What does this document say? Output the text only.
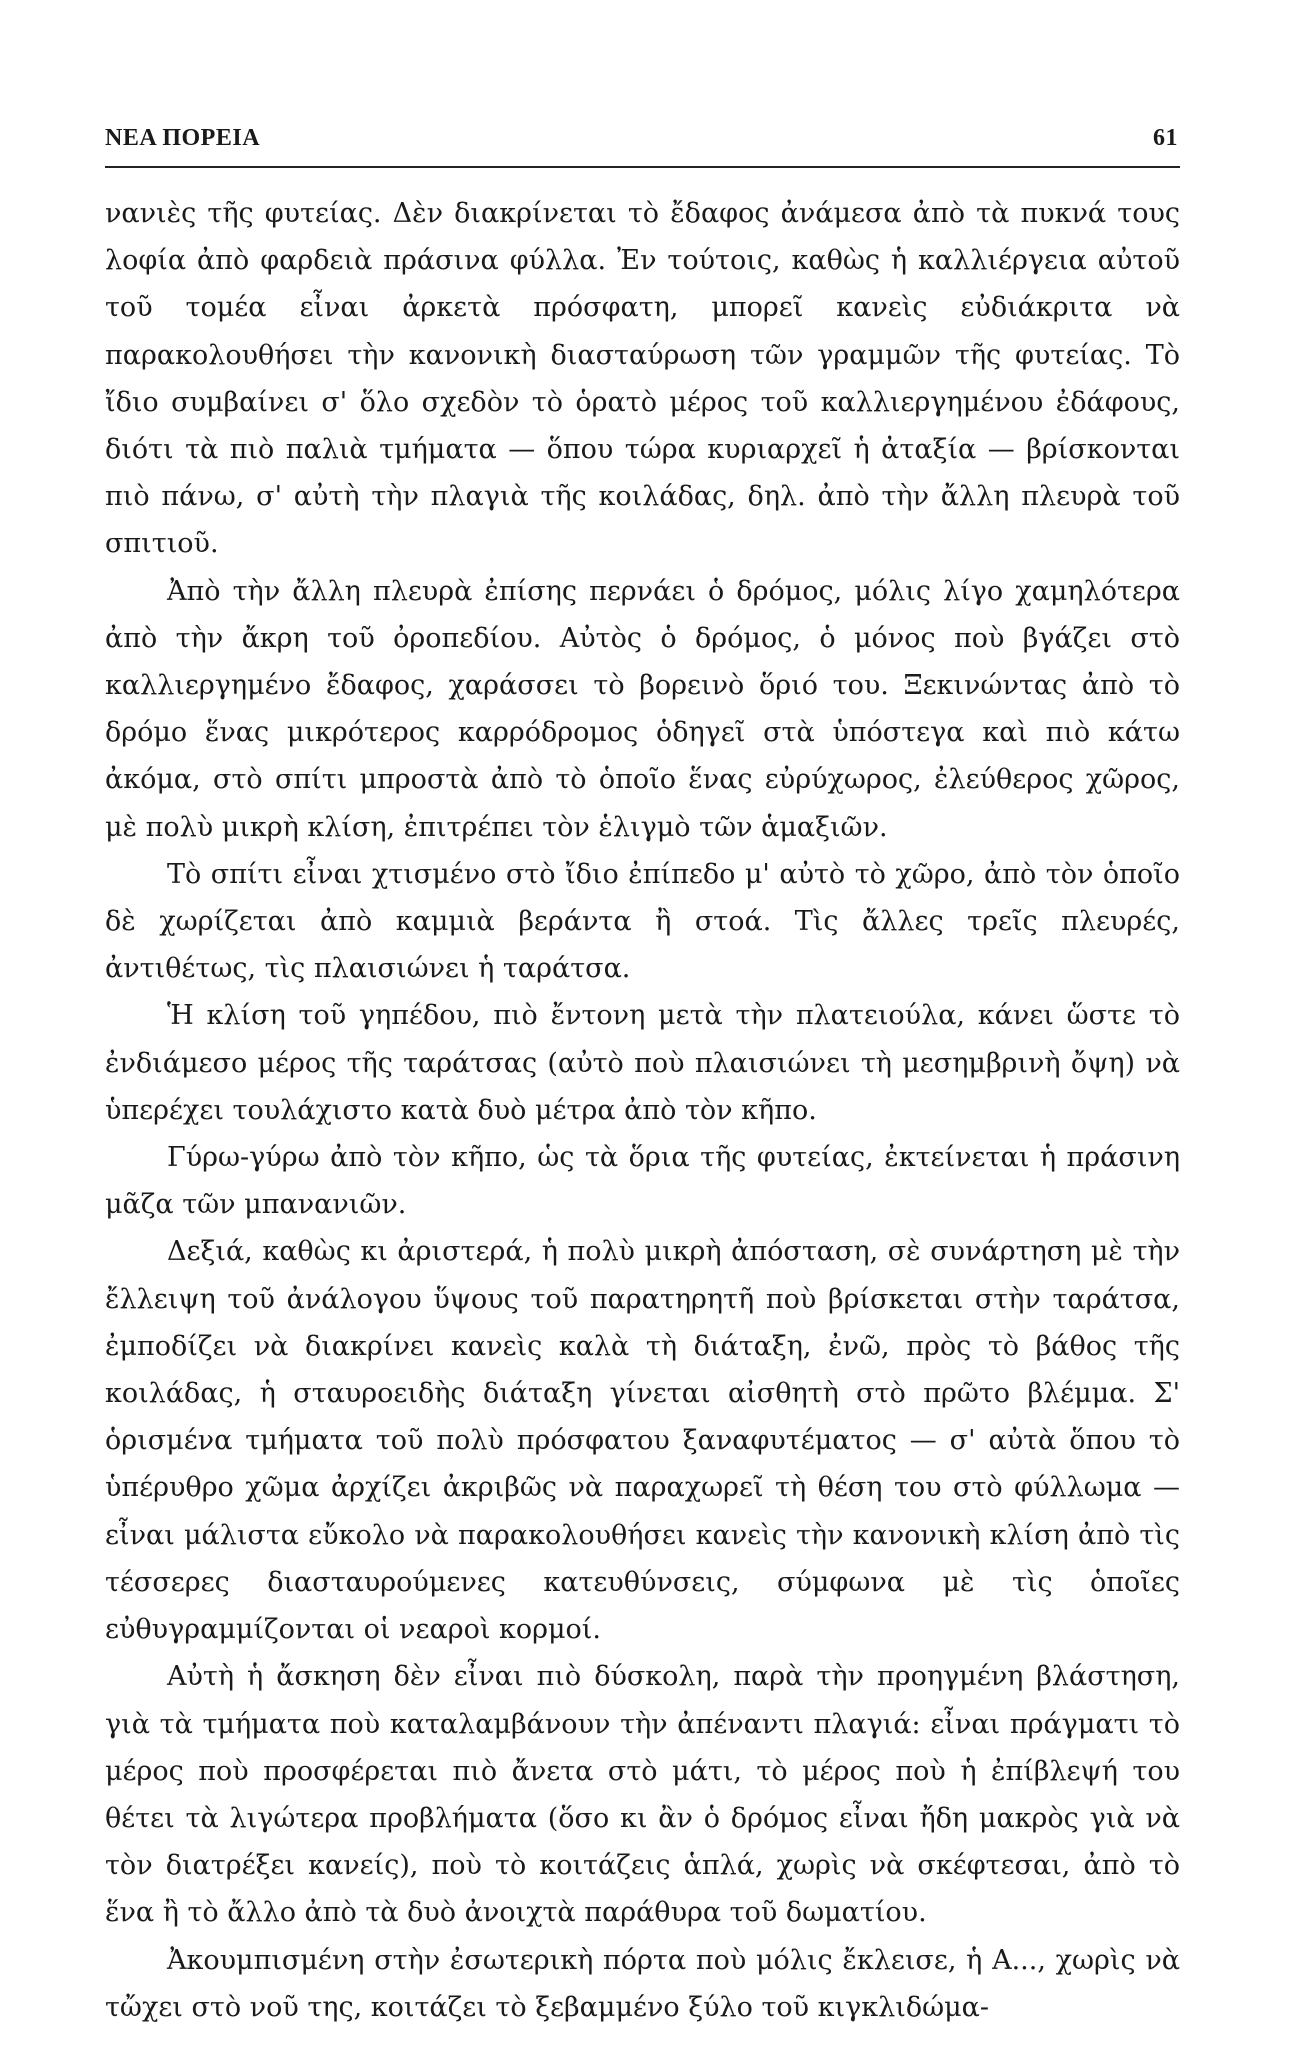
ΝΕΑ ΠΟΡΕΙΑ	61

νανιὲς τῆς φυτείας. Δὲν διακρίνεται τὸ ἔδαφος ἀνάμεσα ἀπὸ τὰ πυκνά τους λοφία ἀπὸ φαρδειὰ πράσινα φύλλα. Ἐν τούτοις, καθὼς ἡ καλλιέργεια αὐτοῦ τοῦ τομέα εἶναι ἀρκετὰ πρόσφατη, μπορεῖ κανεὶς εὐδιάκριτα νὰ παρακολουθήσει τὴν κανονικὴ διασταύρωση τῶν γραμμῶν τῆς φυτείας. Τὸ ἴδιο συμβαίνει σ' ὅλο σχεδὸν τὸ ὁρατὸ μέρος τοῦ καλλιεργημένου ἐδάφους, διότι τὰ πιὸ παλιὰ τμήματα — ὅπου τώρα κυριαρχεῖ ἡ ἀταξία — βρίσκονται πιὸ πάνω, σ' αὐτὴ τὴν πλαγιὰ τῆς κοιλάδας, δηλ. ἀπὸ τὴν ἄλλη πλευρὰ τοῦ σπιτιοῦ.

Ἀπὸ τὴν ἄλλη πλευρὰ ἐπίσης περνάει ὁ δρόμος, μόλις λίγο χαμηλότερα ἀπὸ τὴν ἄκρη τοῦ ὀροπεδίου. Αὐτὸς ὁ δρόμος, ὁ μόνος ποὺ βγάζει στὸ καλλιεργημένο ἔδαφος, χαράσσει τὸ βορεινὸ ὅριό του. Ξεκινώντας ἀπὸ τὸ δρόμο ἕνας μικρότερος καρρόδρομος ὁδηγεῖ στὰ ὑπόστεγα καὶ πιὸ κάτω ἀκόμα, στὸ σπίτι μπροστὰ ἀπὸ τὸ ὁποῖο ἕνας εὐρύχωρος, ἐλεύθερος χῶρος, μὲ πολὺ μικρὴ κλίση, ἐπιτρέπει τὸν ἑλιγμὸ τῶν ἁμαξιῶν.

Τὸ σπίτι εἶναι χτισμένο στὸ ἴδιο ἐπίπεδο μ' αὐτὸ τὸ χῶρο, ἀπὸ τὸν ὁποῖο δὲ χωρίζεται ἀπὸ καμμιὰ βεράντα ἢ στοά. Τὶς ἄλλες τρεῖς πλευρές, ἀντιθέτως, τὶς πλαισιώνει ἡ ταράτσα.

Ἡ κλίση τοῦ γηπέδου, πιὸ ἔντονη μετὰ τὴν πλατειούλα, κάνει ὥστε τὸ ἐνδιάμεσο μέρος τῆς ταράτσας (αὐτὸ ποὺ πλαισιώνει τὴ μεσημβρινὴ ὄψη) νὰ ὑπερέχει τουλάχιστο κατὰ δυὸ μέτρα ἀπὸ τὸν κῆπο.

Γύρω-γύρω ἀπὸ τὸν κῆπο, ὡς τὰ ὅρια τῆς φυτείας, ἐκτείνεται ἡ πράσινη μᾶζα τῶν μπανανιῶν.

Δεξιά, καθὼς κι ἀριστερά, ἡ πολὺ μικρὴ ἀπόσταση, σὲ συνάρτηση μὲ τὴν ἔλλειψη τοῦ ἀνάλογου ὕψους τοῦ παρατηρητῆ ποὺ βρίσκεται στὴν ταράτσα, ἐμποδίζει νὰ διακρίνει κανεὶς καλὰ τὴ διάταξη, ἐνῶ, πρὸς τὸ βάθος τῆς κοιλάδας, ἡ σταυροειδὴς διάταξη γίνεται αἰσθητὴ στὸ πρῶτο βλέμμα. Σ' ὁρισμένα τμήματα τοῦ πολὺ πρόσφατου ξαναφυτέματος — σ' αὐτὰ ὅπου τὸ ὑπέρυθρο χῶμα ἀρχίζει ἀκριβῶς νὰ παραχωρεῖ τὴ θέση του στὸ φύλλωμα — εἶναι μάλιστα εὔκολο νὰ παρακολουθήσει κανεὶς τὴν κανονικὴ κλίση ἀπὸ τὶς τέσσερες διασταυρούμενες κατευθύνσεις, σύμφωνα μὲ τὶς ὁποῖες εὐθυγραμμίζονται οἱ νεαροὶ κορμοί.

Αὐτὴ ἡ ἄσκηση δὲν εἶναι πιὸ δύσκολη, παρὰ τὴν προηγμένη βλάστηση, γιὰ τὰ τμήματα ποὺ καταλαμβάνουν τὴν ἀπέναντι πλαγιά: εἶναι πράγματι τὸ μέρος ποὺ προσφέρεται πιὸ ἄνετα στὸ μάτι, τὸ μέρος ποὺ ἡ ἐπίβλεψή του θέτει τὰ λιγώτερα προβλήματα (ὅσο κι ἂν ὁ δρόμος εἶναι ἤδη μακρὸς γιὰ νὰ τὸν διατρέξει κανείς), ποὺ τὸ κοιτάζεις ἁπλά, χωρὶς νὰ σκέφτεσαι, ἀπὸ τὸ ἕνα ἢ τὸ ἄλλο ἀπὸ τὰ δυὸ ἀνοιχτὰ παράθυρα τοῦ δωματίου.

Ἀκουμπισμένη στὴν ἐσωτερικὴ πόρτα ποὺ μόλις ἔκλεισε, ἡ Α..., χωρὶς νὰ τὤχει στὸ νοῦ της, κοιτάζει τὸ ξεβαμμένο ξύλο τοῦ κιγκλιδώμα-
